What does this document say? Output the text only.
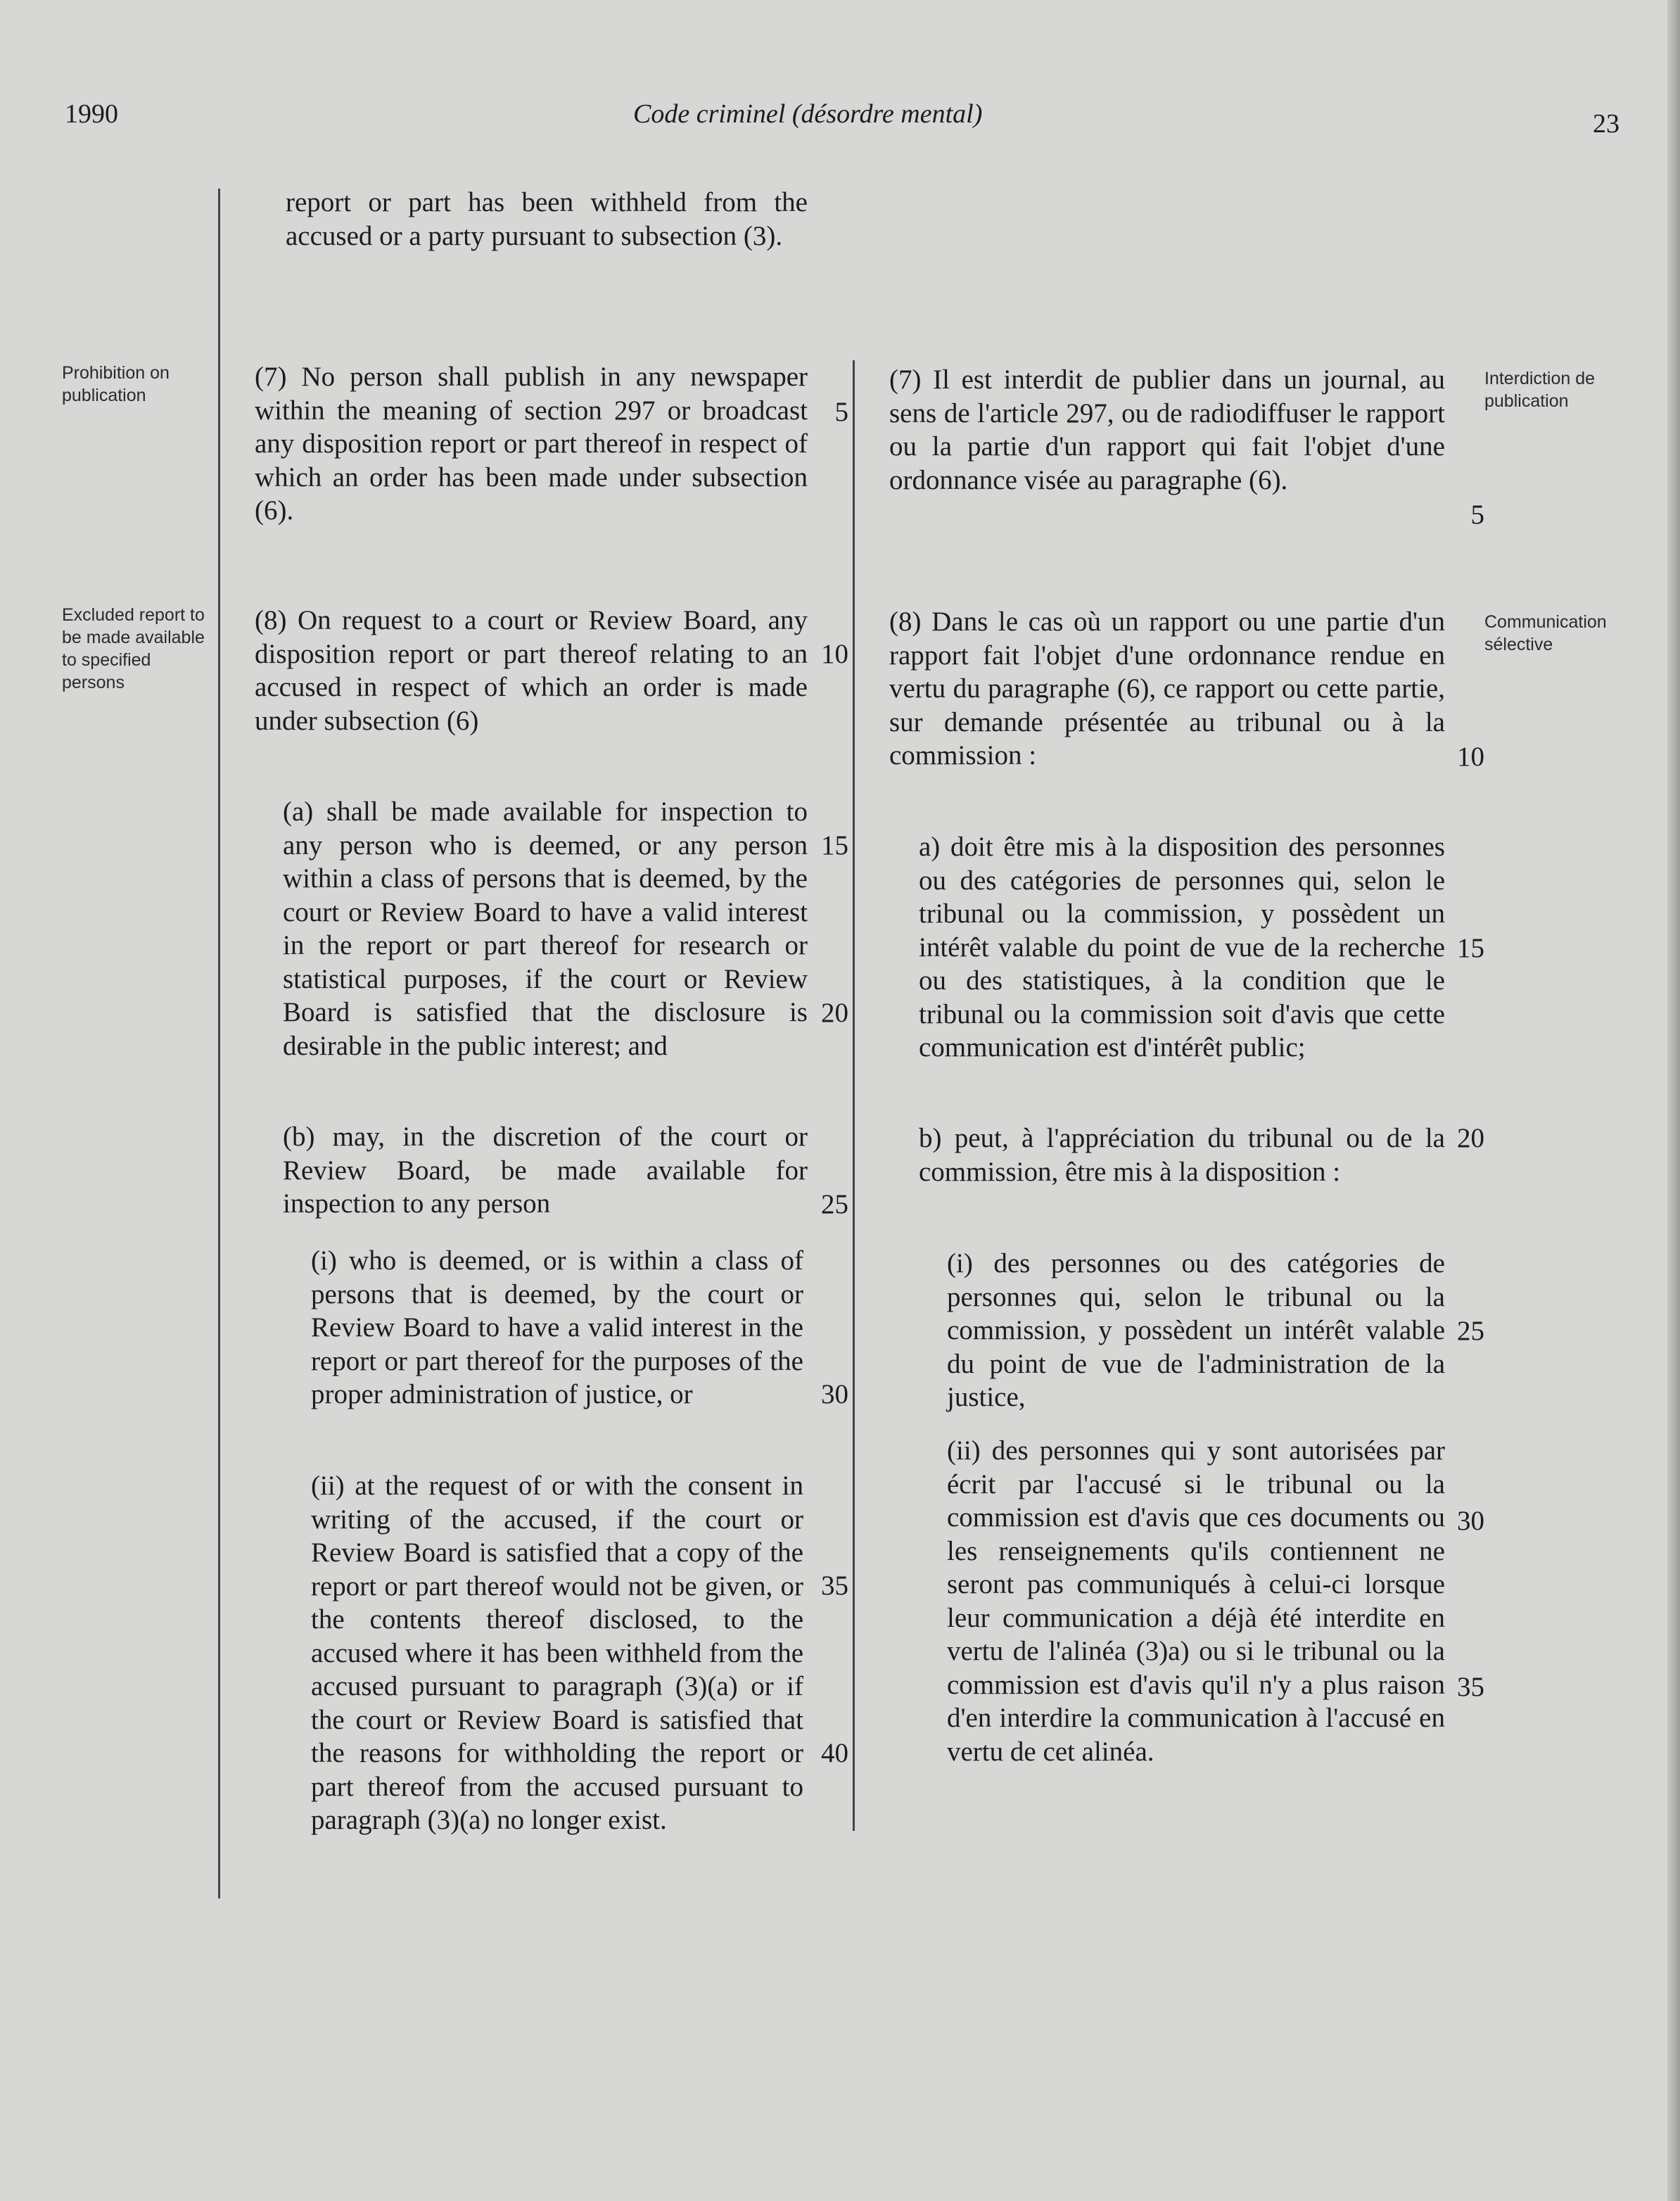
1990	Code criminel (désordre mental)	23
Prohibition on publication
Excluded report to be made available to specified persons
Interdiction de publication
Communication sélective

report or part has been withheld from the accused or a party pursuant to subsection (3).

(7) No person shall publish in any newspaper within the meaning of section 297 or broadcast any disposition report or part thereof in respect of which an order has been made under subsection (6).

(8) On request to a court or Review Board, any disposition report or part thereof relating to an accused in respect of which an order is made under subsection (6)

(a) shall be made available for inspection to any person who is deemed, or any person within a class of persons that is deemed, by the court or Review Board to have a valid interest in the report or part thereof for research or statistical purposes, if the court or Review Board is satisfied that the disclosure is desirable in the public interest; and

(b) may, in the discretion of the court or Review Board, be made available for inspection to any person

(i) who is deemed, or is within a class of persons that is deemed, by the court or Review Board to have a valid interest in the report or part thereof for the purposes of the proper administration of justice, or

(ii) at the request of or with the consent in writing of the accused, if the court or Review Board is satisfied that a copy of the report or part thereof would not be given, or the contents thereof disclosed, to the accused where it has been withheld from the accused pursuant to paragraph (3)(a) or if the court or Review Board is satisfied that the reasons for withholding the report or part thereof from the accused pursuant to paragraph (3)(a) no longer exist.

5
10
15
20
25
30
35
40

(7) Il est interdit de publier dans un journal, au sens de l'article 297, ou de radiodiffuser le rapport ou la partie d'un rapport qui fait l'objet d'une ordonnance visée au paragraphe (6).

(8) Dans le cas où un rapport ou une partie d'un rapport fait l'objet d'une ordonnance rendue en vertu du paragraphe (6), ce rapport ou cette partie, sur demande présentée au tribunal ou à la commission :

a) doit être mis à la disposition des personnes ou des catégories de personnes qui, selon le tribunal ou la commission, y possèdent un intérêt valable du point de vue de la recherche ou des statistiques, à la condition que le tribunal ou la commission soit d'avis que cette communication est d'intérêt public;

b) peut, à l'appréciation du tribunal ou de la commission, être mis à la disposition :

(i) des personnes ou des catégories de personnes qui, selon le tribunal ou la commission, y possèdent un intérêt valable du point de vue de l'administration de la justice,

(ii) des personnes qui y sont autorisées par écrit par l'accusé si le tribunal ou la commission est d'avis que ces documents ou les renseignements qu'ils contiennent ne seront pas communiqués à celui-ci lorsque leur communication a déjà été interdite en vertu de l'alinéa (3)a) ou si le tribunal ou la commission est d'avis qu'il n'y a plus raison d'en interdire la communication à l'accusé en vertu de cet alinéa.

5
10
15
20
25
30
35
